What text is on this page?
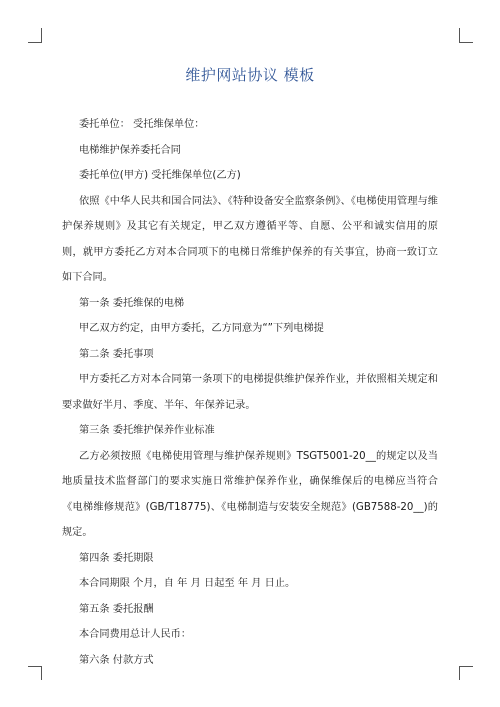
维护网站协议 模板

委托单位： 受托维保单位：

电梯维护保养委托合同

委托单位(甲方) 受托维保单位(乙方)

依照《中华人民共和国合同法》、《特种设备安全监察条例》、《电梯使用管理与维护保养规则》及其它有关规定，甲乙双方遵循平等、自愿、公平和诚实信用的原则，就甲方委托乙方对本合同项下的电梯日常维护保养的有关事宜，协商一致订立如下合同。

第一条 委托维保的电梯

甲乙双方约定，由甲方委托，乙方同意为“”下列电梯提

第二条 委托事项

甲方委托乙方对本合同第一条项下的电梯提供维护保养作业，并依照相关规定和要求做好半月、季度、半年、年保养记录。

第三条 委托维护保养作业标准

乙方必须按照《电梯使用管理与维护保养规则》TSGT5001-20__的规定以及当地质量技术监督部门的要求实施日常维护保养作业，确保维保后的电梯应当符合《电梯维修规范》(GB/T18775)、《电梯制造与安装安全规范》(GB7588-20__)的规定。

第四条 委托期限

本合同期限 个月，自 年 月 日起至 年 月 日止。

第五条 委托报酬

本合同费用总计人民币：

第六条 付款方式
